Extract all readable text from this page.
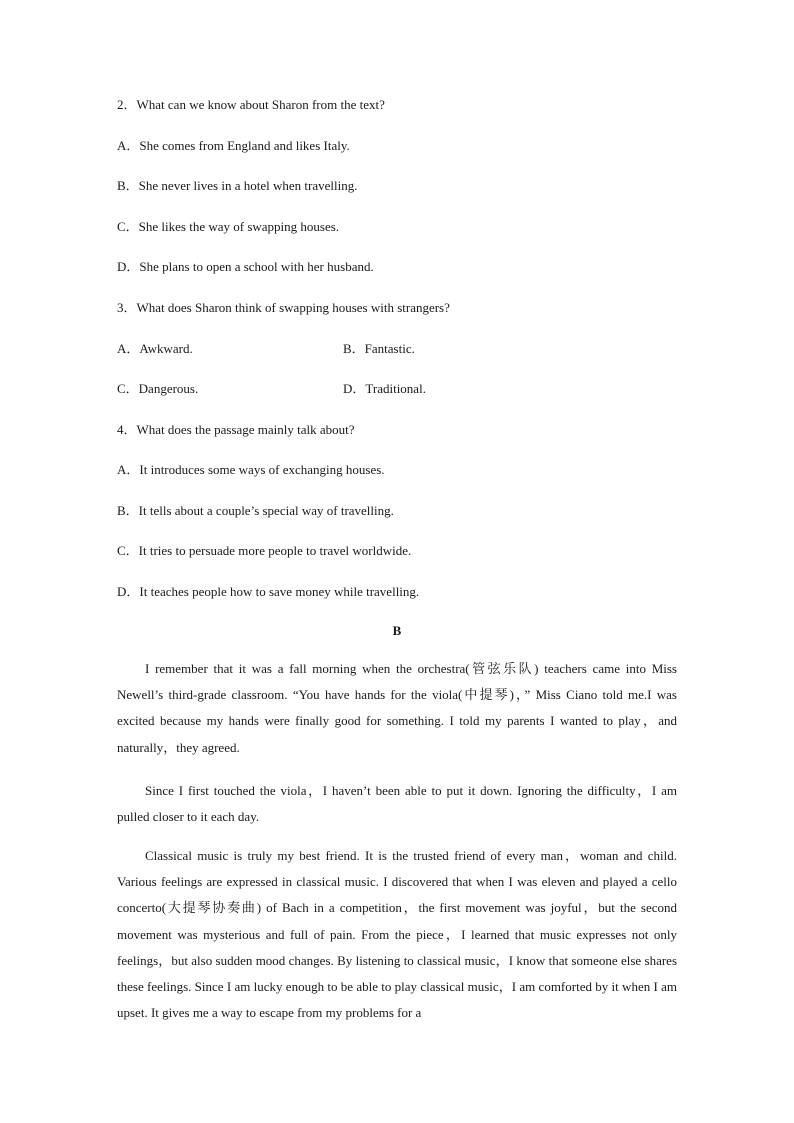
2．What can we know about Sharon from the text?
A．She comes from England and likes Italy.
B．She never lives in a hotel when travelling.
C．She likes the way of swapping houses.
D．She plans to open a school with her husband.
3．What does Sharon think of swapping houses with strangers?
A．Awkward.	B．Fantastic.
C．Dangerous.	D．Traditional.
4．What does the passage mainly talk about?
A．It introduces some ways of exchanging houses.
B．It tells about a couple’s special way of travelling.
C．It tries to persuade more people to travel worldwide.
D．It teaches people how to save money while travelling.
B
I remember that it was a fall morning when the orchestra(管弦乐队) teachers came into Miss Newell’s third-grade classroom. “You have hands for the viola(中提琴)，” Miss Ciano told me.I was excited because my hands were finally good for something. I told my parents I wanted to play，and naturally，they agreed.
Since I first touched the viola，I haven’t been able to put it down. Ignoring the difficulty，I am pulled closer to it each day.
Classical music is truly my best friend. It is the trusted friend of every man，woman and child. Various feelings are expressed in classical music. I discovered that when I was eleven and played a cello concerto(大提琴协奏曲) of Bach in a competition，the first movement was joyful，but the second movement was mysterious and full of pain. From the piece，I learned that music expresses not only feelings，but also sudden mood changes. By listening to classical music，I know that someone else shares these feelings. Since I am lucky enough to be able to play classical music，I am comforted by it when I am upset. It gives me a way to escape from my problems for a
